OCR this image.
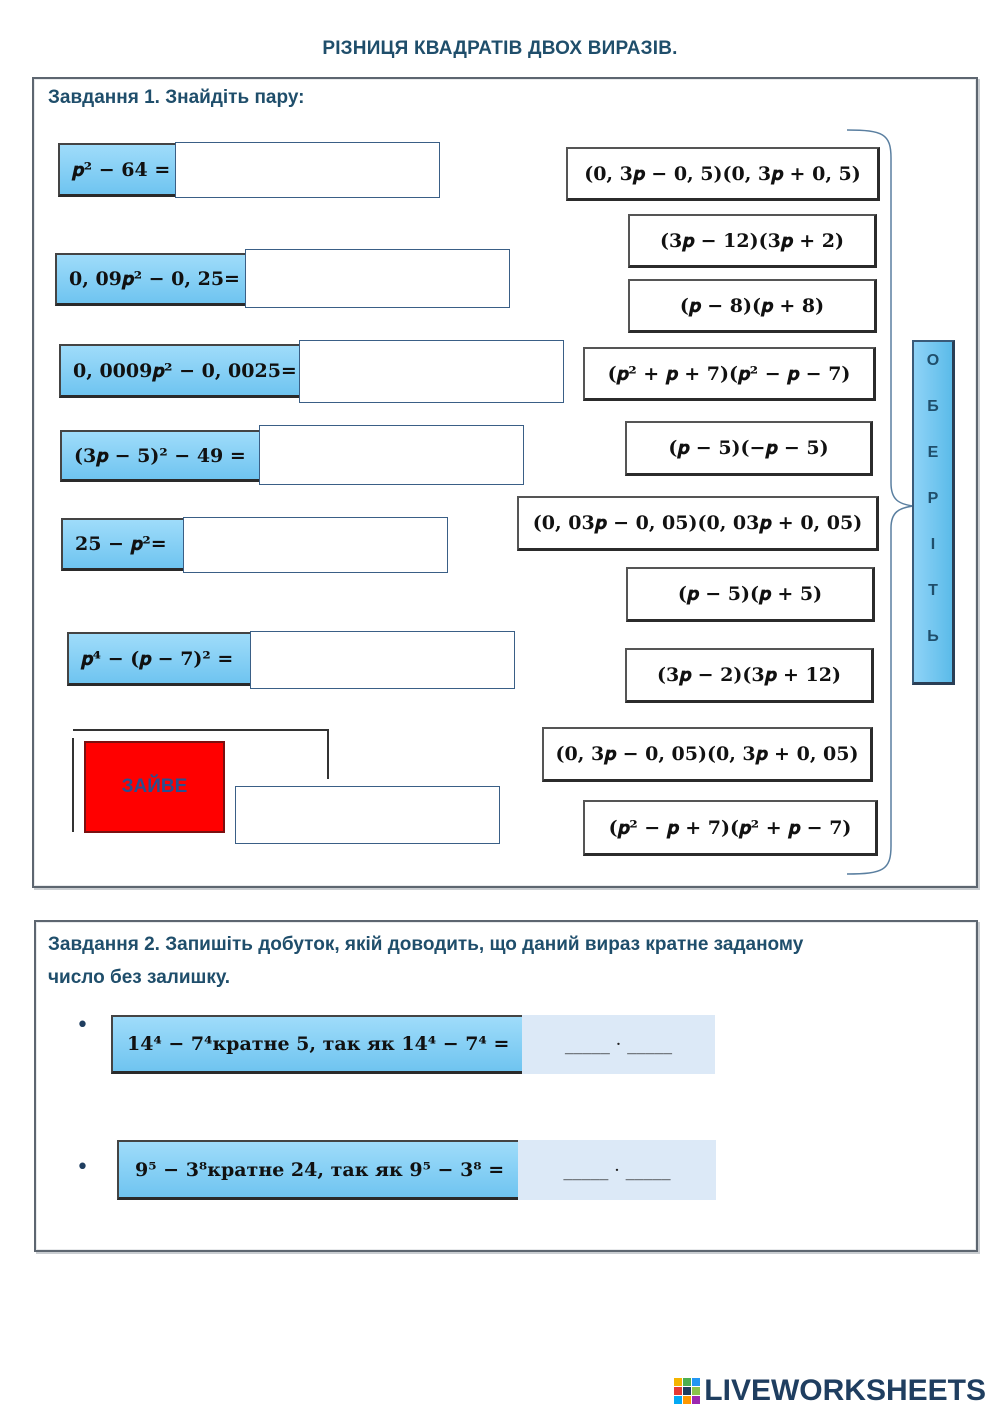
РІЗНИЦЯ КВАДРАТІВ ДВОХ ВИРАЗІВ.
Завдання 1. Знайдіть пару:
𝒑² − 𝟔𝟒 =
𝟎, 𝟎𝟗𝒑² − 𝟎, 𝟐𝟓=
𝟎, 𝟎𝟎𝟎𝟗𝒑² − 𝟎, 𝟎𝟎𝟐𝟓=
(𝟑𝒑 − 𝟓)² − 𝟒𝟗 =
𝟐𝟓 − 𝒑²=
𝒑⁴ − (𝒑 − 𝟕)² =
ЗАЙВЕ
(𝟎, 𝟑𝒑 − 𝟎, 𝟓)(𝟎, 𝟑𝒑 + 𝟎, 𝟓)
(𝟑𝒑 − 𝟏𝟐)(𝟑𝒑 + 𝟐)
(𝒑 − 𝟖)(𝒑 + 𝟖)
(𝒑² + 𝒑 + 𝟕)(𝒑² − 𝒑 − 𝟕)
(𝒑 − 𝟓)(−𝒑 − 𝟓)
(𝟎, 𝟎𝟑𝒑 − 𝟎, 𝟎𝟓)(𝟎, 𝟎𝟑𝒑 + 𝟎, 𝟎𝟓)
(𝒑 − 𝟓)(𝒑 + 𝟓)
(𝟑𝒑 − 𝟐)(𝟑𝒑 + 𝟏𝟐)
(𝟎, 𝟑𝒑 − 𝟎, 𝟎𝟓)(𝟎, 𝟑𝒑 + 𝟎, 𝟎𝟓)
(𝒑² − 𝒑 + 𝟕)(𝒑² + 𝒑 − 𝟕)
О
Б
Е
Р
І
Т
Ь
Завдання 2. Запишіть добуток, якій доводить, що даний вираз кратне заданому
число без залишку.
•
𝟏𝟒⁴ − 𝟕⁴кратне 𝟓, так як 𝟏𝟒⁴ − 𝟕⁴ =	_____ · _____
•	𝟗⁵ − 𝟑⁸кратне 𝟐𝟒, так як 𝟗⁵ − 𝟑⁸ =	_____ · _____
LIVEWORKSHEETS
